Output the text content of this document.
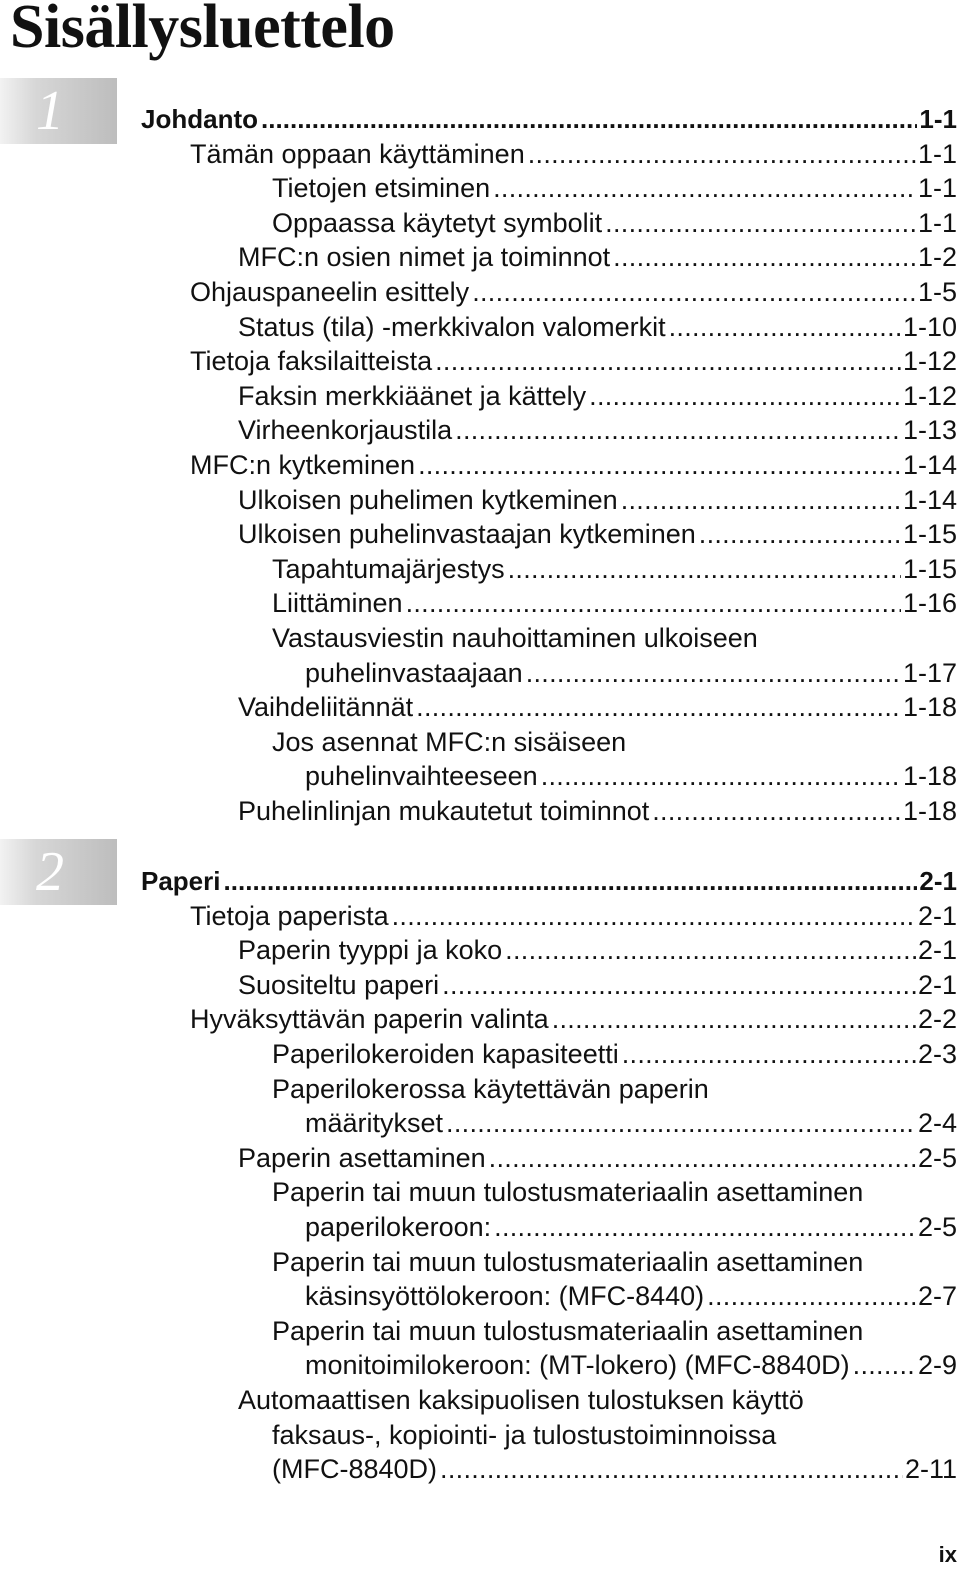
Sisällysluettelo
1	Johdanto . . .	1-1
Tämän oppaan käyttäminen . . .	1-1
Tietojen etsiminen . . .	1-1
Oppaassa käytetyt symbolit . . .	1-1
MFC:n osien nimet ja toiminnot . . .	1-2
Ohjauspaneelin esittely . . .	1-5
Status (tila) -merkkivalon valomerkit . . .	1-10
Tietoja faksilaitteista . . .	1-12
Faksin merkkiäänet ja kättely . . .	1-12
Virheenkorjaustila . . .	1-13
MFC:n kytkeminen . . .	1-14
Ulkoisen puhelimen kytkeminen . . .	1-14
Ulkoisen puhelinvastaajan kytkeminen . . .	1-15
Tapahtumajärjestys . . .	1-15
Liittäminen . . .	1-16
Vastausviestin nauhoittaminen ulkoiseen
puhelinvastaajaan . . .	1-17
Vaihdeliitännät . . .	1-18
Jos asennat MFC:n sisäiseen
puhelinvaihteeseen . . .	1-18
Puhelinlinjan mukautetut toiminnot . . .	1-18
2	Paperi . . .	2-1
Tietoja paperista . . .	2-1
Paperin tyyppi ja koko . . .	2-1
Suositeltu paperi . . .	2-1
Hyväksyttävän paperin valinta . . .	2-2
Paperilokeroiden kapasiteetti . . .	2-3
Paperilokerossa käytettävän paperin
määritykset . . .	2-4
Paperin asettaminen . . .	2-5
Paperin tai muun tulostusmateriaalin asettaminen
paperilokeroon: . . .	2-5
Paperin tai muun tulostusmateriaalin asettaminen
käsinsyöttölokeroon: (MFC-8440) . . .	2-7
Paperin tai muun tulostusmateriaalin asettaminen
monitoimilokeroon: (MT-lokero) (MFC-8840D) . . .	2-9
Automaattisen kaksipuolisen tulostuksen käyttö
faksaus-, kopiointi- ja tulostustoiminnoissa
(MFC-8840D) . . .	2-11
ix
